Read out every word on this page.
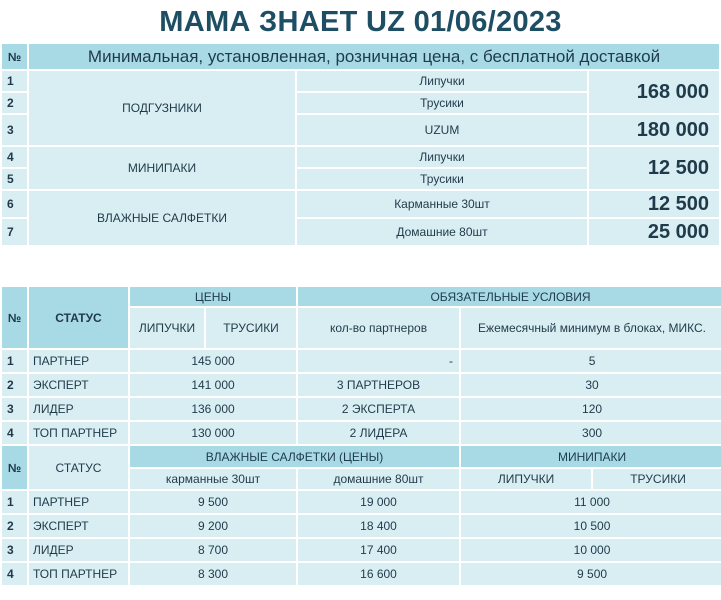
МАМА ЗНАЕТ UZ 01/06/2023
№	Минимальная, установленная, розничная цена, с бесплатной доставкой		
1	ПОДГУЗНИКИ	Липучки	168 000
2		Трусики	
3		UZUM	180 000
4	МИНИПАКИ	Липучки	12 500
5		Трусики	
6	ВЛАЖНЫЕ САЛФЕТКИ	Карманные 30шт	12 500
7		Домашние 80шт	25 000
№	СТАТУС	ЦЕНЫ		ОБЯЗАТЕЛЬНЫЕ УСЛОВИЯ		
		ЛИПУЧКИ	ТРУСИКИ	кол-во партнеров	Ежемесячный минимум в блоках, МИКС.	
1	ПАРТНЕР	145 000		-	5	
2	ЭКСПЕРТ	141 000		3 ПАРТНЕРОВ	30	
3	ЛИДЕР	136 000		2 ЭКСПЕРТА	120	
4	ТОП ПАРТНЕР	130 000		2 ЛИДЕРА	300	
№	СТАТУС	ВЛАЖНЫЕ САЛФЕТКИ (ЦЕНЫ)			МИНИПАКИ	
		карманные 30шт		домашние 80шт	ЛИПУЧКИ	ТРУСИКИ
1	ПАРТНЕР	9 500		19 000	11 000	
2	ЭКСПЕРТ	9 200		18 400	10 500	
3	ЛИДЕР	8 700		17 400	10 000	
4	ТОП ПАРТНЕР	8 300		16 600	9 500	
